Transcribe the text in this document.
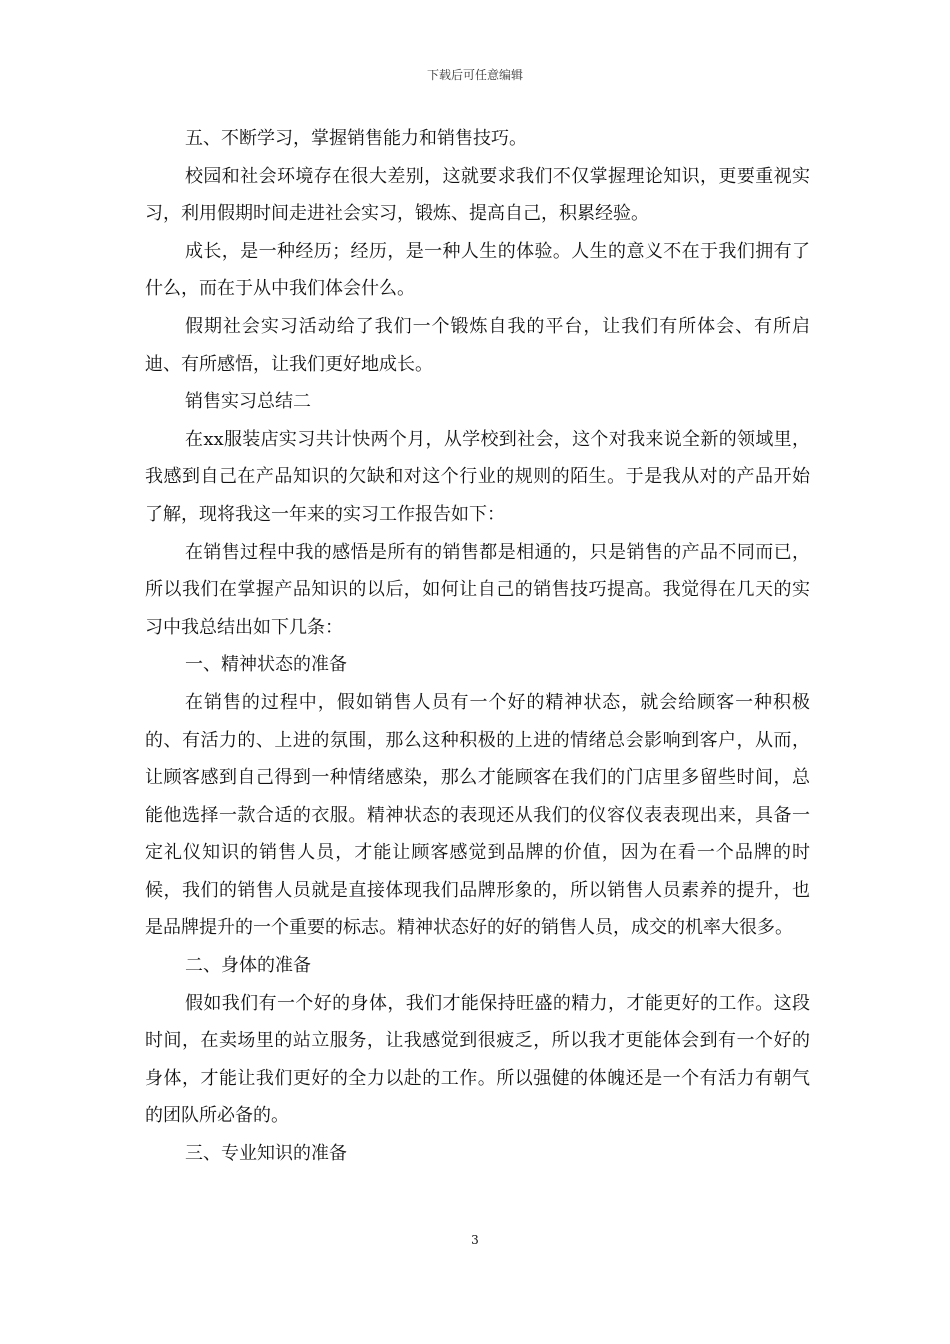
下载后可任意编辑

五、不断学习，掌握销售能力和销售技巧。

校园和社会环境存在很大差别，这就要求我们不仅掌握理论知识，更要重视实习，利用假期时间走进社会实习，锻炼、提高自己，积累经验。

成长，是一种经历；经历，是一种人生的体验。人生的意义不在于我们拥有了什么，而在于从中我们体会什么。

假期社会实习活动给了我们一个锻炼自我的平台，让我们有所体会、有所启迪、有所感悟，让我们更好地成长。

销售实习总结二

在xx服装店实习共计快两个月，从学校到社会，这个对我来说全新的领域里，我感到自己在产品知识的欠缺和对这个行业的规则的陌生。于是我从对的产品开始了解，现将我这一年来的实习工作报告如下：

在销售过程中我的感悟是所有的销售都是相通的，只是销售的产品不同而已，所以我们在掌握产品知识的以后，如何让自己的销售技巧提高。我觉得在几天的实习中我总结出如下几条：

一、精神状态的准备

在销售的过程中，假如销售人员有一个好的精神状态，就会给顾客一种积极的、有活力的、上进的氛围，那么这种积极的上进的情绪总会影响到客户，从而，让顾客感到自己得到一种情绪感染，那么才能顾客在我们的门店里多留些时间，总能他选择一款合适的衣服。精神状态的表现还从我们的仪容仪表表现出来，具备一定礼仪知识的销售人员，才能让顾客感觉到品牌的价值，因为在看一个品牌的时候，我们的销售人员就是直接体现我们品牌形象的，所以销售人员素养的提升，也是品牌提升的一个重要的标志。精神状态好的好的销售人员，成交的机率大很多。

二、身体的准备

假如我们有一个好的身体，我们才能保持旺盛的精力，才能更好的工作。这段时间，在卖场里的站立服务，让我感觉到很疲乏，所以我才更能体会到有一个好的身体，才能让我们更好的全力以赴的工作。所以强健的体魄还是一个有活力有朝气的团队所必备的。

三、专业知识的准备

3
